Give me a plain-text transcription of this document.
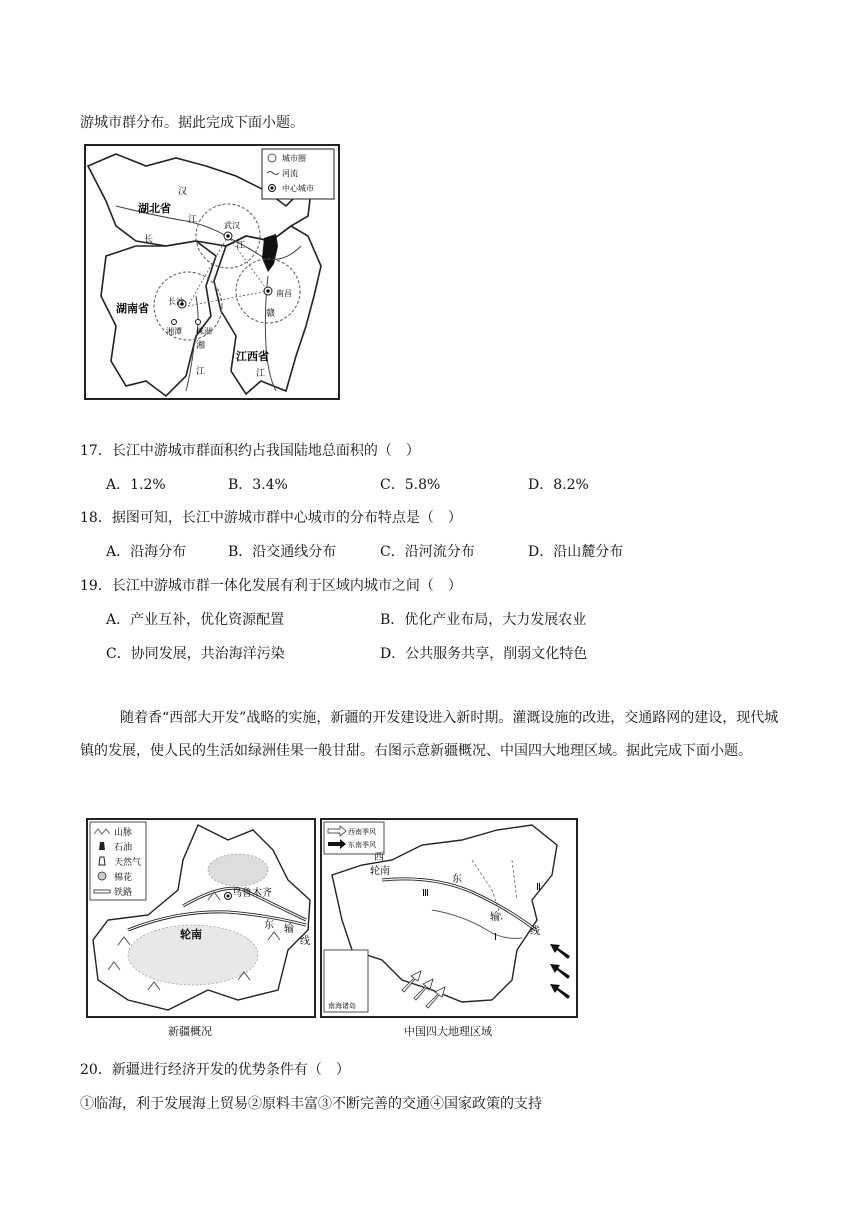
游城市群分布。据此完成下面小题。
城市圈
河流
中心城市
湖北省
湖南省
江西省
武汉
长沙
南昌
湘潭 株洲
汉
江
长
江
湘
江
赣
江
17．长江中游城市群面积约占我国陆地总面积的（　）
A．1.2%	B．3.4%	C．5.8%	D．8.2%
18．据图可知，长江中游城市群中心城市的分布特点是（　）
A．沿海分布	B．沿交通线分布	C．沿河流分布	D．沿山麓分布
19．长江中游城市群一体化发展有利于区域内城市之间（　）
A．产业互补，优化资源配置	B．优化产业布局，大力发展农业
C．协同发展，共治海洋污染	D．公共服务共享，削弱文化特色
随着香“西部大开发”战略的实施，新疆的开发建设进入新时期。灌溉设施的改进，交通路网的建设，现代城镇的发展，使人民的生活如绿洲佳果一般甘甜。右图示意新疆概况、中国四大地理区域。据此完成下面小题。
山脉
石油
天然气
棉花
铁路	乌鲁木齐
轮南
东 输
线
新疆概况
西南季风
东南季风
南海诸岛
西
轮南
东
输
线
Ⅰ
Ⅱ
Ⅲ
中国四大地理区域
20．新疆进行经济开发的优势条件有（　）
①临海，利于发展海上贸易②原料丰富③不断完善的交通④国家政策的支持
